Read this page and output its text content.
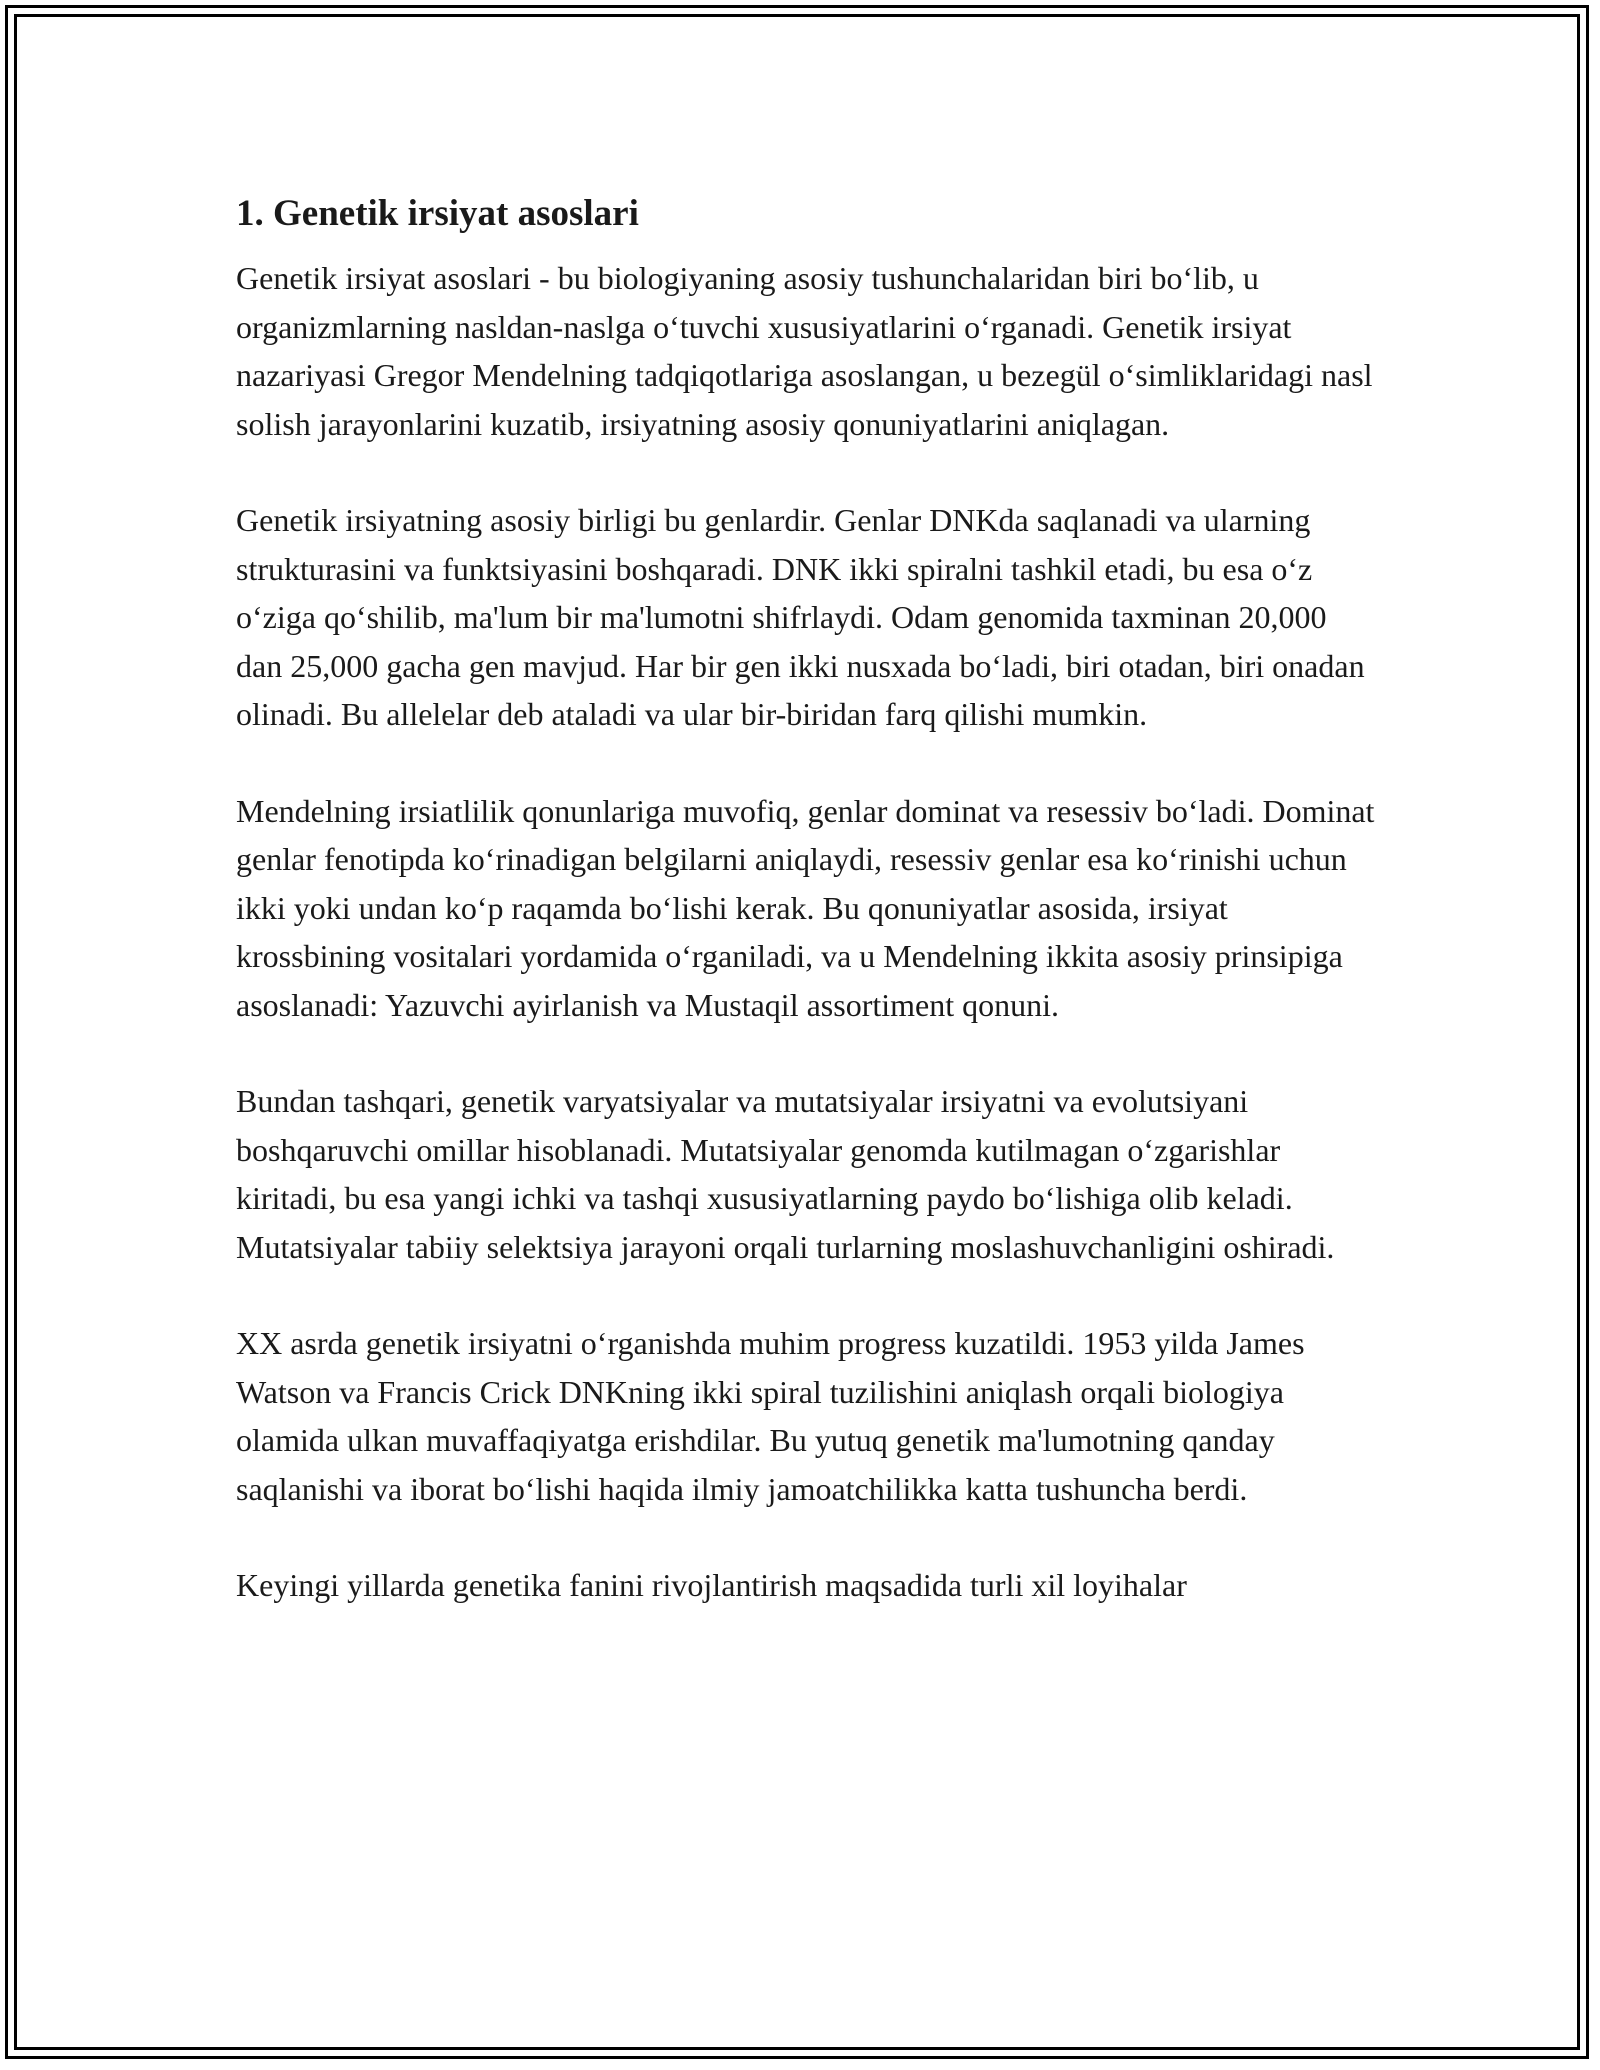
1. Genetik irsiyat asoslari

Genetik irsiyat asoslari - bu biologiyaning asosiy tushunchalaridan biri boʻlib, u organizmlarning nasldan-naslga oʻtuvchi xususiyatlarini oʻrganadi. Genetik irsiyat nazariyasi Gregor Mendelning tadqiqotlariga asoslangan, u bezegül oʻsimliklaridagi nasl solish jarayonlarini kuzatib, irsiyatning asosiy qonuniyatlarini aniqlagan.

Genetik irsiyatning asosiy birligi bu genlardir. Genlar DNKda saqlanadi va ularning strukturasini va funktsiyasini boshqaradi. DNK ikki spiralni tashkil etadi, bu esa oʻz oʻziga qoʻshilib, ma'lum bir ma'lumotni shifrlaydi. Odam genomida taxminan 20,000 dan 25,000 gacha gen mavjud. Har bir gen ikki nusxada boʻladi, biri otadan, biri onadan olinadi. Bu allelelar deb ataladi va ular bir-biridan farq qilishi mumkin.

Mendelning irsiatlilik qonunlariga muvofiq, genlar dominat va resessiv boʻladi. Dominat genlar fenotipda koʻrinadigan belgilarni aniqlaydi, resessiv genlar esa koʻrinishi uchun ikki yoki undan koʻp raqamda boʻlishi kerak. Bu qonuniyatlar asosida, irsiyat krossbining vositalari yordamida oʻrganiladi, va u Mendelning ikkita asosiy prinsipiga asoslanadi: Yazuvchi ayirlanish va Mustaqil assortiment qonuni.

Bundan tashqari, genetik varyatsiyalar va mutatsiyalar irsiyatni va evolutsiyani boshqaruvchi omillar hisoblanadi. Mutatsiyalar genomda kutilmagan oʻzgarishlar kiritadi, bu esa yangi ichki va tashqi xususiyatlarning paydo boʻlishiga olib keladi. Mutatsiyalar tabiiy selektsiya jarayoni orqali turlarning moslashuvchanligini oshiradi.

XX asrda genetik irsiyatni oʻrganishda muhim progress kuzatildi. 1953 yilda James Watson va Francis Crick DNKning ikki spiral tuzilishini aniqlash orqali biologiya olamida ulkan muvaffaqiyatga erishdilar. Bu yutuq genetik ma'lumotning qanday saqlanishi va iborat boʻlishi haqida ilmiy jamoatchilikka katta tushuncha berdi.

Keyingi yillarda genetika fanini rivojlantirish maqsadida turli xil loyihalar
